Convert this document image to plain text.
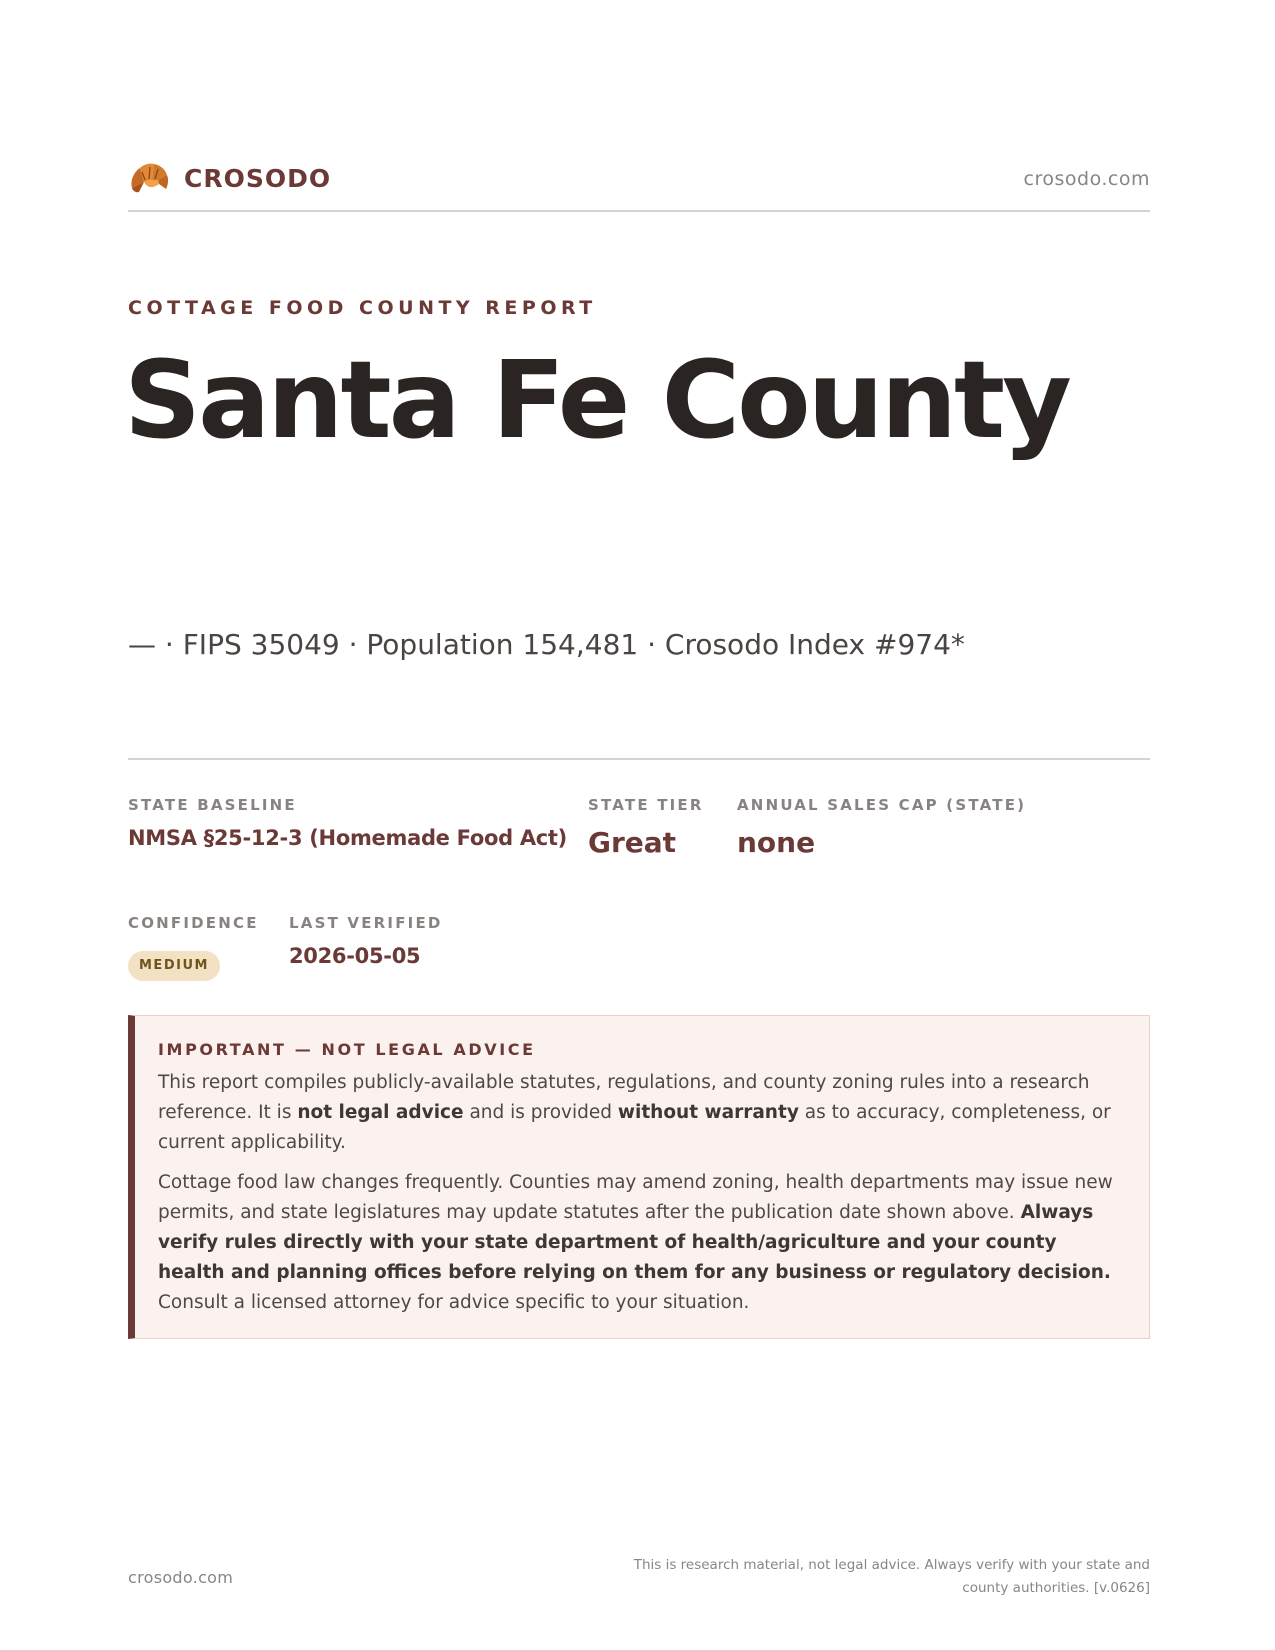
CROSODO	crosodo.com
COTTAGE FOOD COUNTY REPORT
Santa Fe County
— · FIPS 35049 · Population 154,481 · Crosodo Index #974*
STATE BASELINE
NMSA §25-12-3 (Homemade Food Act)
STATE TIER
Great
ANNUAL SALES CAP (STATE)
none
CONFIDENCE
MEDIUM
LAST VERIFIED
2026-05-05
IMPORTANT — NOT LEGAL ADVICE

This report compiles publicly-available statutes, regulations, and county zoning rules into a research reference. It is not legal advice and is provided without warranty as to accuracy, completeness, or current applicability.

Cottage food law changes frequently. Counties may amend zoning, health departments may issue new permits, and state legislatures may update statutes after the publication date shown above. Always verify rules directly with your state department of health/agriculture and your county health and planning offices before relying on them for any business or regulatory decision. Consult a licensed attorney for advice specific to your situation.

crosodo.com
This is research material, not legal advice. Always verify with your state and county authorities. [v.0626]
